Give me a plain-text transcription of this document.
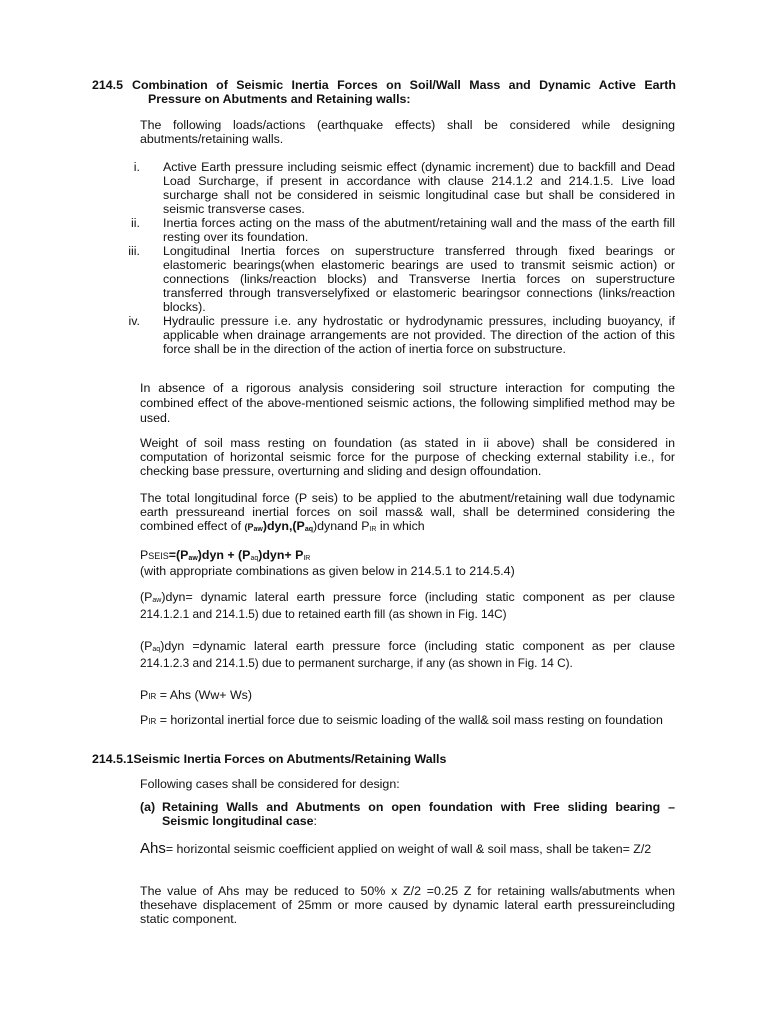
214.5 Combination of Seismic Inertia Forces on Soil/Wall Mass and Dynamic Active Earth
Pressure on Abutments and Retaining walls:

The following loads/actions (earthquake effects) shall be considered while designing abutments/retaining walls.

i. Active Earth pressure including seismic effect (dynamic increment) due to backfill and Dead Load Surcharge, if present in accordance with clause 214.1.2 and 214.1.5. Live load surcharge shall not be considered in seismic longitudinal case but shall be considered in seismic transverse cases.

ii. Inertia forces acting on the mass of the abutment/retaining wall and the mass of the earth fill resting over its foundation.

iii. Longitudinal Inertia forces on superstructure transferred through fixed bearings or elastomeric bearings(when elastomeric bearings are used to transmit seismic action) or connections (links/reaction blocks) and Transverse Inertia forces on superstructure transferred through transverselyfixed or elastomeric bearingsor connections (links/reaction blocks).

iv. Hydraulic pressure i.e. any hydrostatic or hydrodynamic pressures, including buoyancy, if applicable when drainage arrangements are not provided. The direction of the action of this force shall be in the direction of the action of inertia force on substructure.

In absence of a rigorous analysis considering soil structure interaction for computing the combined effect of the above-mentioned seismic actions, the following simplified method may be used.

Weight of soil mass resting on foundation (as stated in ii above) shall be considered in computation of horizontal seismic force for the purpose of checking external stability i.e., for checking base pressure, overturning and sliding and design offoundation.

The total longitudinal force (P seis) to be applied to the abutment/retaining wall due todynamic earth pressureand inertial forces on soil mass& wall, shall be determined considering the combined effect of (Paw)dyn,(Paq)dynand PIR in which

PSEIS=(Paw)dyn + (Paq)dyn+ PIR
(with appropriate combinations as given below in 214.5.1 to 214.5.4)
(Paw)dyn= dynamic lateral earth pressure force (including static component as per clause
214.1.2.1 and 214.1.5) due to retained earth fill (as shown in Fig. 14C)
(Paq)dyn =dynamic lateral earth pressure force (including static component as per clause
214.1.2.3 and 214.1.5) due to permanent surcharge, if any (as shown in Fig. 14 C).

PIR = Ahs (Ww+ Ws)

PIR = horizontal inertial force due to seismic loading of the wall& soil mass resting on foundation

214.5.1Seismic Inertia Forces on Abutments/Retaining Walls

Following cases shall be considered for design:

(a) Retaining Walls and Abutments on open foundation with Free sliding bearing –
Seismic longitudinal case:

Ahs= horizontal seismic coefficient applied on weight of wall & soil mass, shall be taken= Z/2

The value of Ahs may be reduced to 50% x Z/2 =0.25 Z for retaining walls/abutments when thesehave displacement of 25mm or more caused by dynamic lateral earth pressureincluding static component.
